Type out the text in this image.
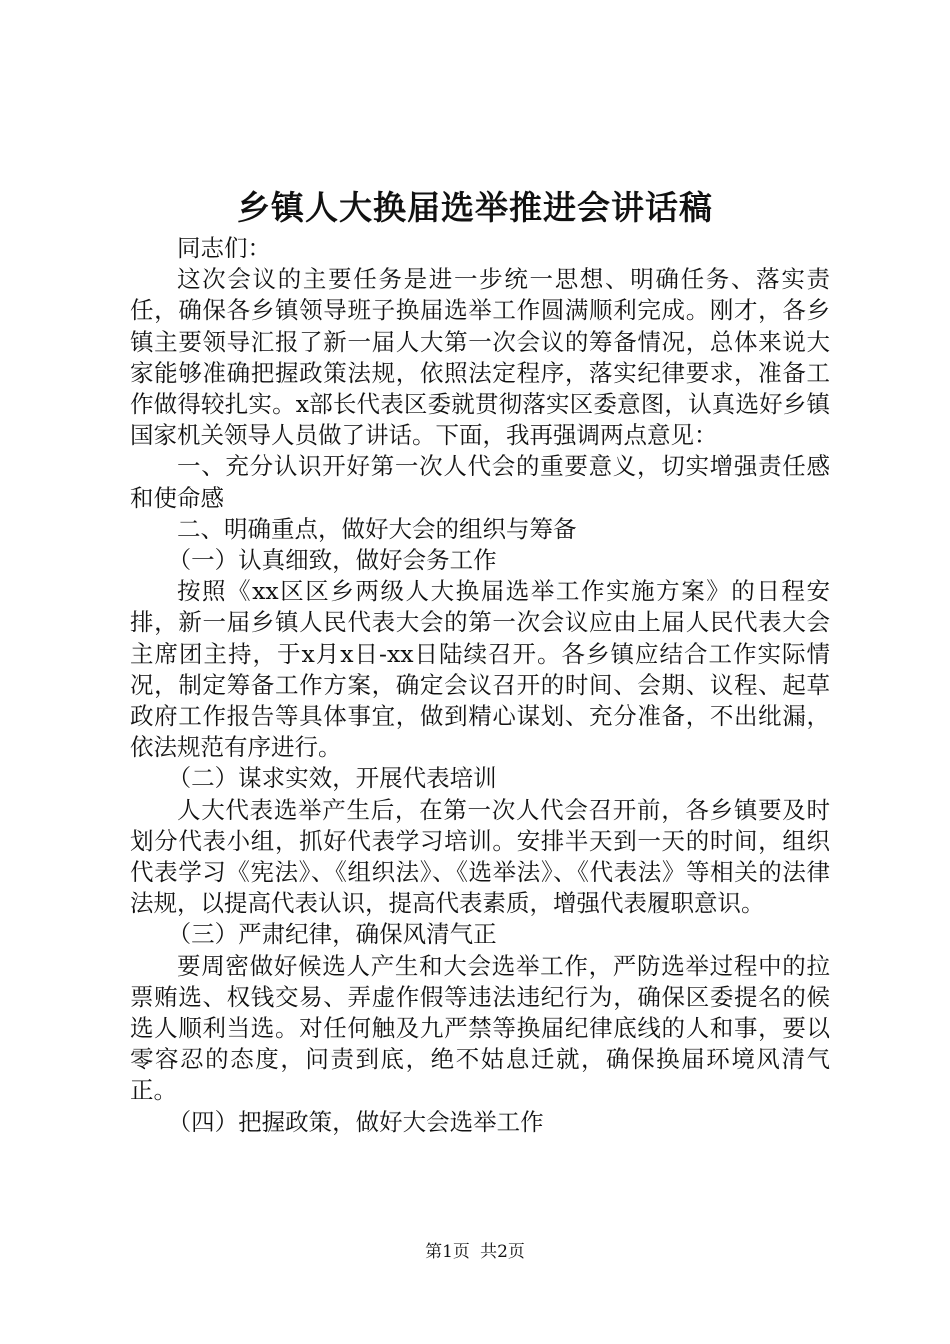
乡镇人大换届选举推进会讲话稿

同志们：

这次会议的主要任务是进一步统一思想、明确任务、落实责任，确保各乡镇领导班子换届选举工作圆满顺利完成。刚才，各乡镇主要领导汇报了新一届人大第一次会议的筹备情况，总体来说大家能够准确把握政策法规，依照法定程序，落实纪律要求，准备工作做得较扎实。x部长代表区委就贯彻落实区委意图，认真选好乡镇国家机关领导人员做了讲话。下面，我再强调两点意见：

一、充分认识开好第一次人代会的重要意义，切实增强责任感和使命感

二、明确重点，做好大会的组织与筹备

（一）认真细致，做好会务工作

按照《xx区区乡两级人大换届选举工作实施方案》的日程安排，新一届乡镇人民代表大会的第一次会议应由上届人民代表大会主席团主持，于x月x日-xx日陆续召开。各乡镇应结合工作实际情况，制定筹备工作方案，确定会议召开的时间、会期、议程、起草政府工作报告等具体事宜，做到精心谋划、充分准备，不出纰漏，依法规范有序进行。

（二）谋求实效，开展代表培训

人大代表选举产生后，在第一次人代会召开前，各乡镇要及时划分代表小组，抓好代表学习培训。安排半天到一天的时间，组织代表学习《宪法》、《组织法》、《选举法》、《代表法》等相关的法律法规，以提高代表认识，提高代表素质，增强代表履职意识。

（三）严肃纪律，确保风清气正

要周密做好候选人产生和大会选举工作，严防选举过程中的拉票贿选、权钱交易、弄虚作假等违法违纪行为，确保区委提名的候选人顺利当选。对任何触及九严禁等换届纪律底线的人和事，要以零容忍的态度，问责到底，绝不姑息迁就，确保换届环境风清气正。

（四）把握政策，做好大会选举工作

第1页 共2页
